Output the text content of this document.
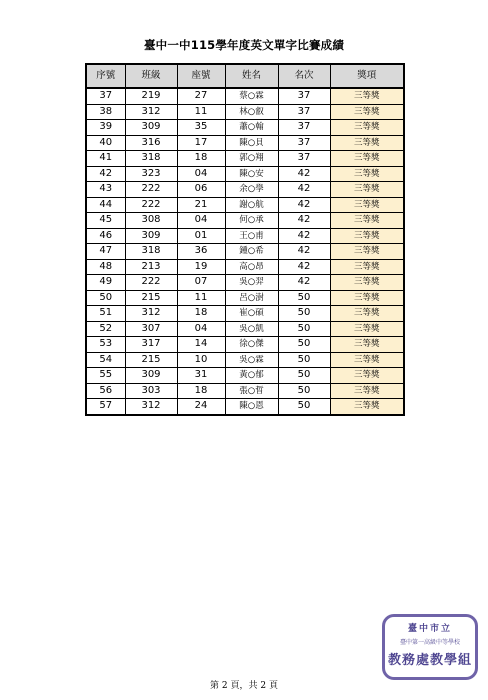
臺中一中115學年度英文單字比賽成績
序號	班級	座號	姓名	名次	獎項
37	219	27	蔡○霖	37	三等獎
38	312	11	林○叡	37	三等獎
39	309	35	蕭○翰	37	三等獎
40	316	17	陳○貝	37	三等獎
41	318	18	郭○翔	37	三等獎
42	323	04	陳○安	42	三等獎
43	222	06	余○學	42	三等獎
44	222	21	謝○航	42	三等獎
45	308	04	何○承	42	三等獎
46	309	01	王○甫	42	三等獎
47	318	36	鍾○希	42	三等獎
48	213	19	高○昂	42	三等獎
49	222	07	吳○羿	42	三等獎
50	215	11	呂○澍	50	三等獎
51	312	18	崔○碩	50	三等獎
52	307	04	吳○凱	50	三等獎
53	317	14	徐○傑	50	三等獎
54	215	10	吳○霖	50	三等獎
55	309	31	黃○郁	50	三等獎
56	303	18	張○晢	50	三等獎
57	312	24	陳○恩	50	三等獎
第 2 頁，共 2 頁
臺中市立
臺中第一高級中等學校
教務處教學組
